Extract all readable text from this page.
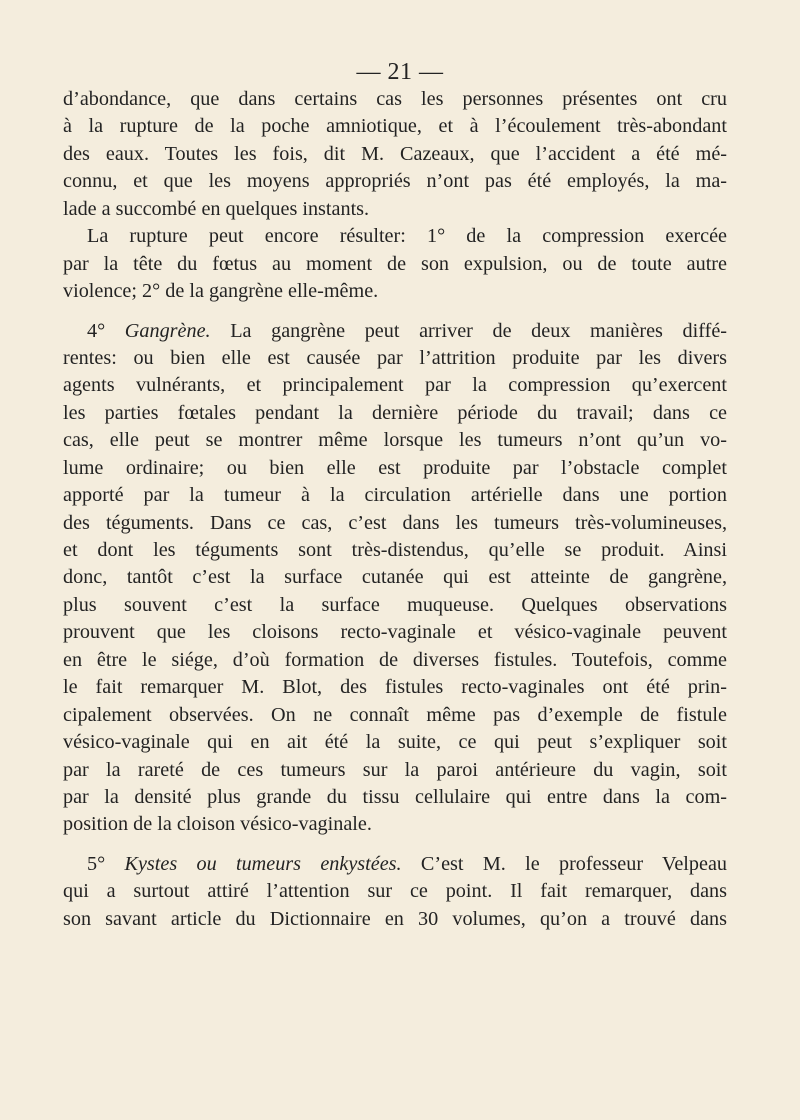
— 21 —
d’abondance, que dans certains cas les personnes présentes ont cru
à la rupture de la poche amniotique, et à l’écoulement très-abondant
des eaux. Toutes les fois, dit M. Cazeaux, que l’accident a été mé-
connu, et que les moyens appropriés n’ont pas été employés, la ma-
lade a succombé en quelques instants.
La rupture peut encore résulter: 1° de la compression exercée
par la tête du fœtus au moment de son expulsion, ou de toute autre
violence; 2° de la gangrène elle-même.
4° Gangrène. La gangrène peut arriver de deux manières diffé-
rentes: ou bien elle est causée par l’attrition produite par les divers
agents vulnérants, et principalement par la compression qu’exercent
les parties fœtales pendant la dernière période du travail; dans ce
cas, elle peut se montrer même lorsque les tumeurs n’ont qu’un vo-
lume ordinaire; ou bien elle est produite par l’obstacle complet
apporté par la tumeur à la circulation artérielle dans une portion
des téguments. Dans ce cas, c’est dans les tumeurs très-volumineuses,
et dont les téguments sont très-distendus, qu’elle se produit. Ainsi
donc, tantôt c’est la surface cutanée qui est atteinte de gangrène,
plus souvent c’est la surface muqueuse. Quelques observations
prouvent que les cloisons recto-vaginale et vésico-vaginale peuvent
en être le siége, d’où formation de diverses fistules. Toutefois, comme
le fait remarquer M. Blot, des fistules recto-vaginales ont été prin-
cipalement observées. On ne connaît même pas d’exemple de fistule
vésico-vaginale qui en ait été la suite, ce qui peut s’expliquer soit
par la rareté de ces tumeurs sur la paroi antérieure du vagin, soit
par la densité plus grande du tissu cellulaire qui entre dans la com-
position de la cloison vésico-vaginale.
5° Kystes ou tumeurs enkystées. C’est M. le professeur Velpeau
qui a surtout attiré l’attention sur ce point. Il fait remarquer, dans
son savant article du Dictionnaire en 30 volumes, qu’on a trouvé dans
